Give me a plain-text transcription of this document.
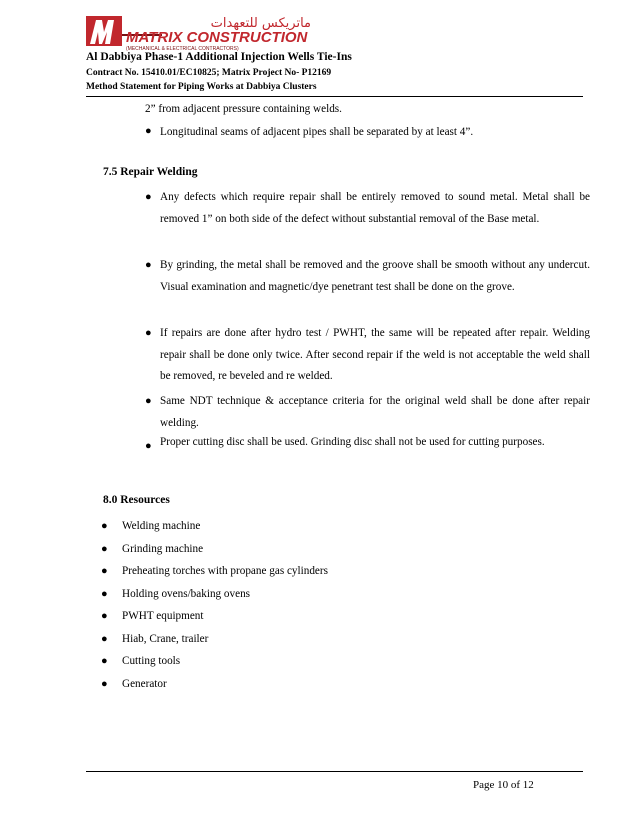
ماتريكس للتعهدات
MATRIX CONSTRUCTION
(MECHANICAL & ELECTRICAL CONTRACTORS)
Al Dabbiya Phase-1 Additional Injection Wells Tie-Ins
Contract No. 15410.01/EC10825; Matrix Project No- P12169
Method Statement for Piping Works at Dabbiya Clusters
2” from adjacent pressure containing welds.
● Longitudinal seams of adjacent pipes shall be separated by at least 4”.
7.5 Repair Welding
● Any defects which require repair shall be entirely removed to sound metal. Metal shall be removed 1” on both side of the defect without substantial removal of the Base metal.
● By grinding, the metal shall be removed and the groove shall be smooth without any undercut. Visual examination and magnetic/dye penetrant test shall be done on the grove.
● If repairs are done after hydro test / PWHT, the same will be repeated after repair. Welding repair shall be done only twice. After second repair if the weld is not acceptable the weld shall be removed, re beveled and re welded.
● Same NDT technique & acceptance criteria for the original weld shall be done after repair welding.
● Proper cutting disc shall be used. Grinding disc shall not be used for cutting purposes.
8.0 Resources
● Welding machine
● Grinding machine
● Preheating torches with propane gas cylinders
● Holding ovens/baking ovens
● PWHT equipment
● Hiab, Crane, trailer
● Cutting tools
● Generator
Page 10 of 12
